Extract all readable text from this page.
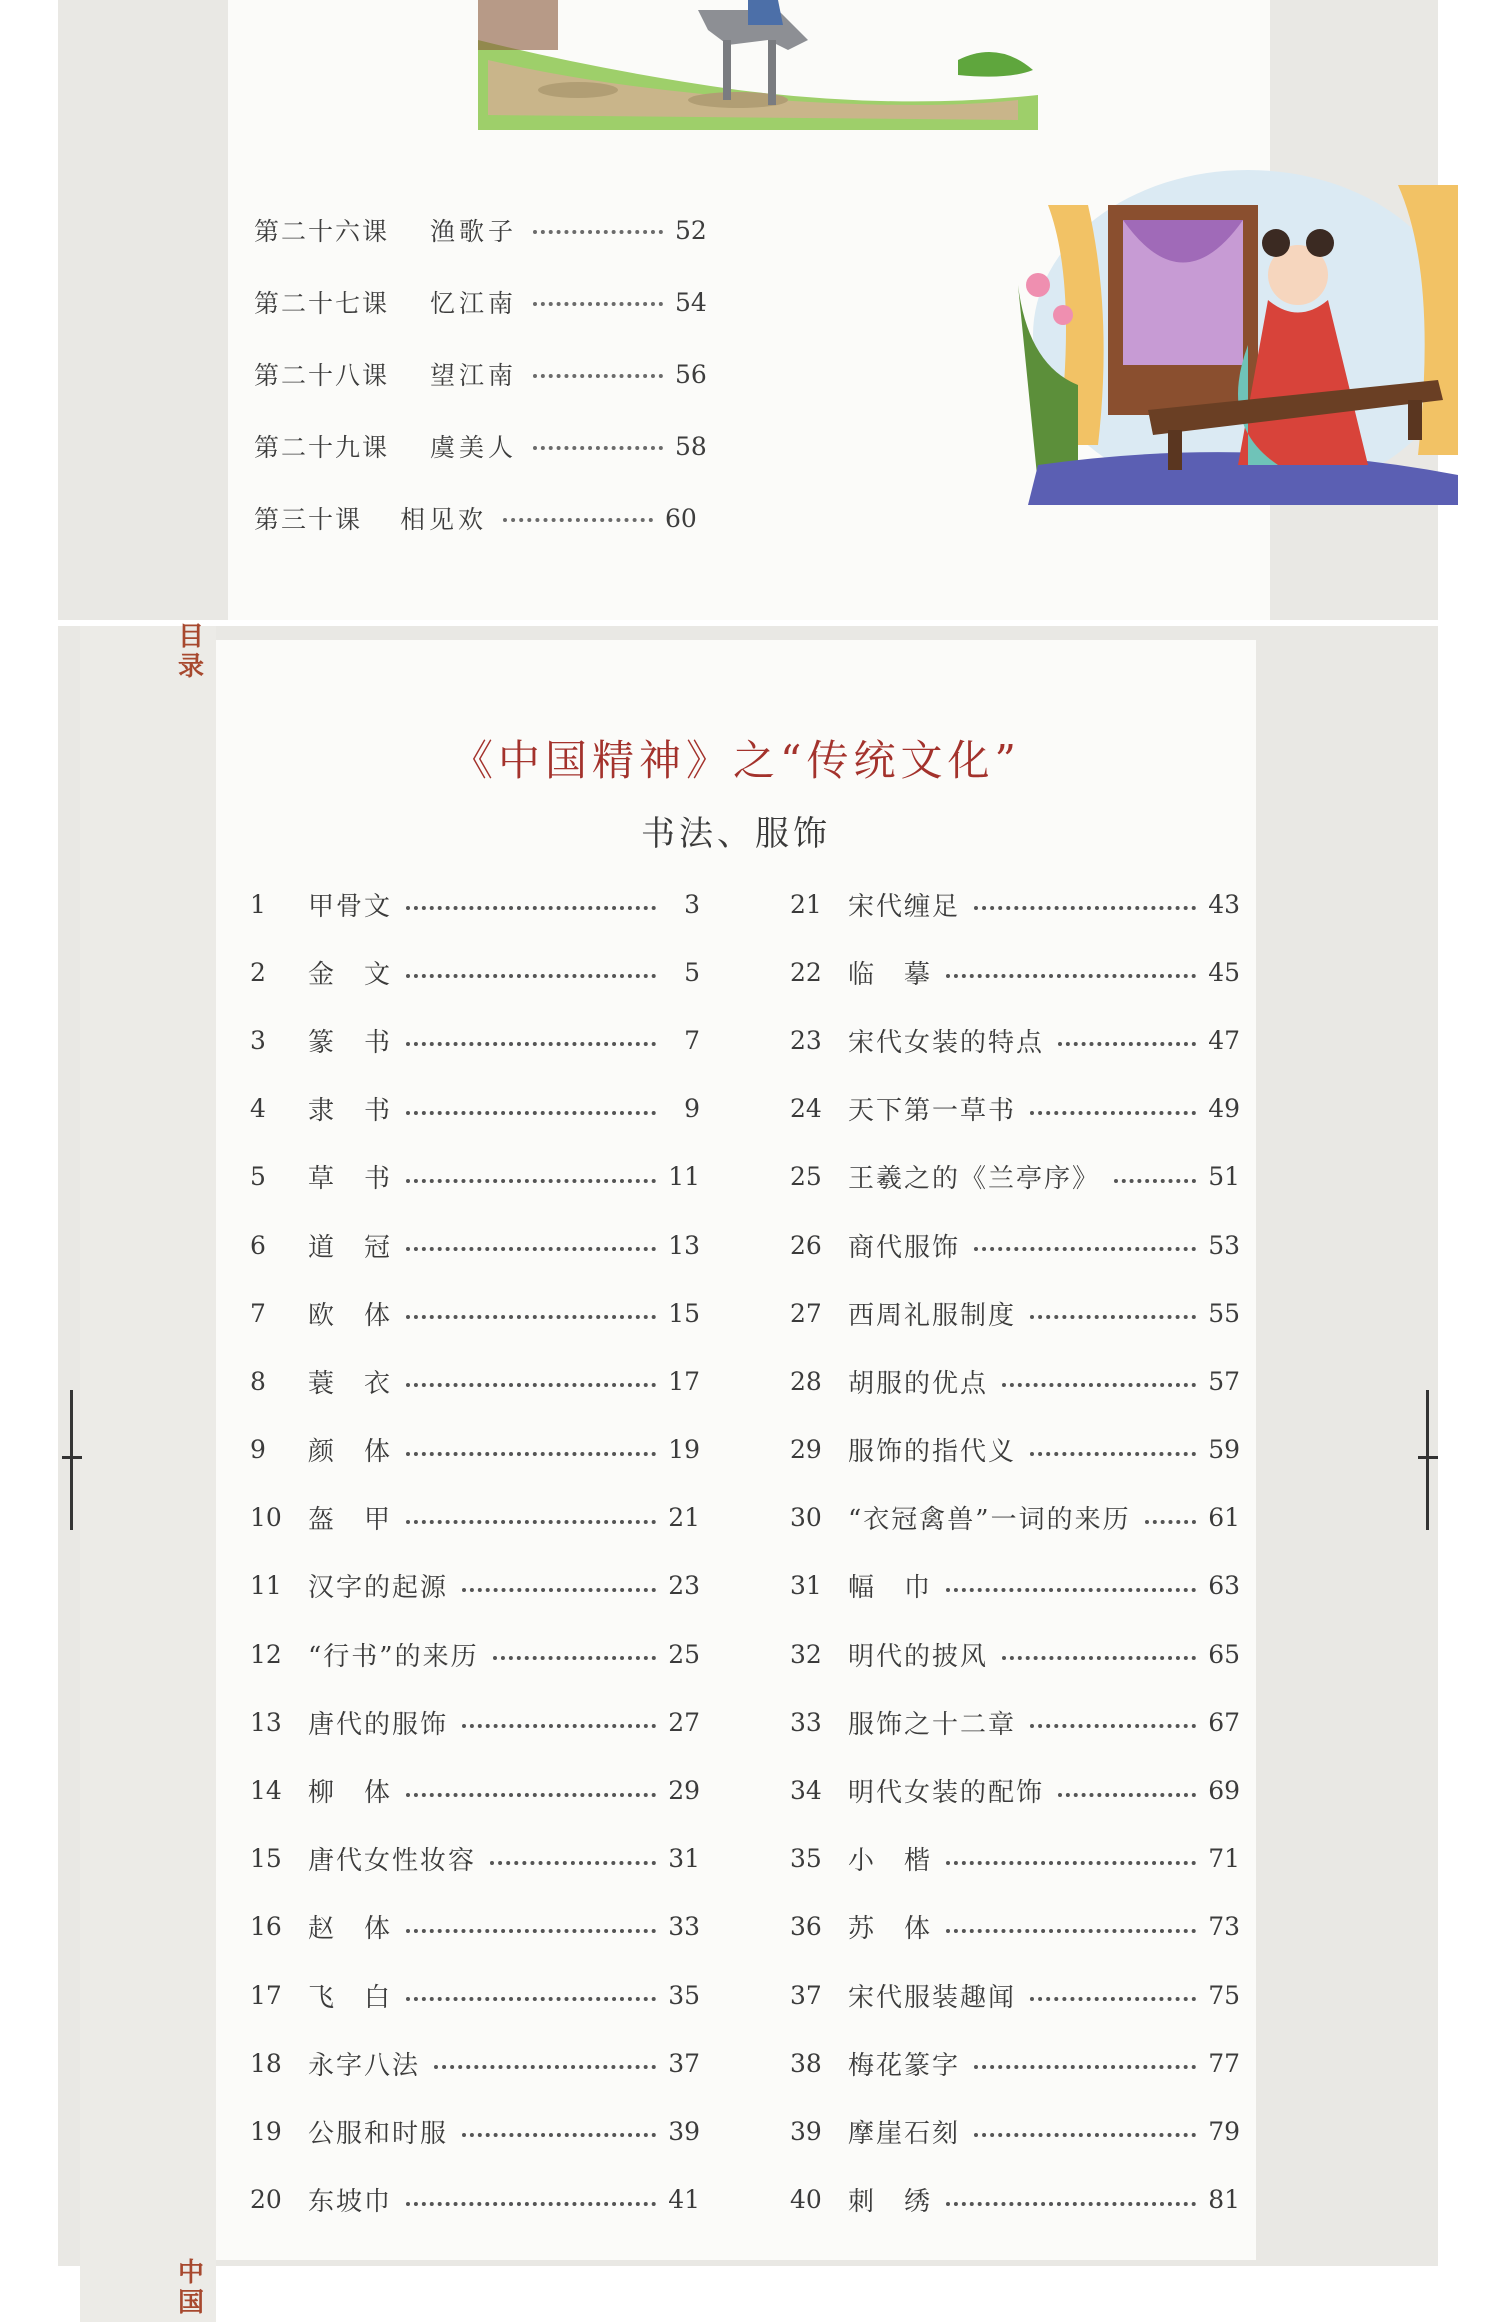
第二十六课	渔歌子	52
第二十七课	忆江南	54
第二十八课	望江南	56
第二十九课	虞美人	58
第三十课	相见欢	60
目录
中国
《中国精神》之“传统文化”
书法、服饰
1	甲骨文	3
2	金　文	5
3	篆　书	7
4	隶　书	9
5	草　书	11
6	道　冠	13
7	欧　体	15
8	蓑　衣	17
9	颜　体	19
10	盔　甲	21
11	汉字的起源	23
12	“行书”的来历	25
13	唐代的服饰	27
14	柳　体	29
15	唐代女性妆容	31
16	赵　体	33
17	飞　白	35
18	永字八法	37
19	公服和时服	39
20	东坡巾	41
21	宋代缠足	43
22	临　摹	45
23	宋代女装的特点	47
24	天下第一草书	49
25	王羲之的《兰亭序》	51
26	商代服饰	53
27	西周礼服制度	55
28	胡服的优点	57
29	服饰的指代义	59
30	“衣冠禽兽”一词的来历	61
31	幅　巾	63
32	明代的披风	65
33	服饰之十二章	67
34	明代女装的配饰	69
35	小　楷	71
36	苏　体	73
37	宋代服装趣闻	75
38	梅花篆字	77
39	摩崖石刻	79
40	刺　绣	81
